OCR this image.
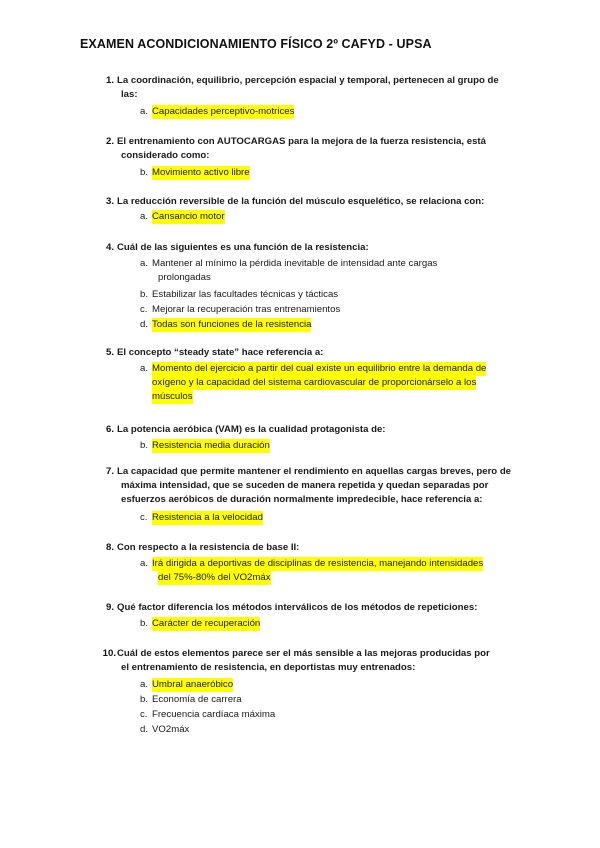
EXAMEN ACONDICIONAMIENTO FÍSICO 2º CAFYD - UPSA
1. La coordinación, equilibrio, percepción espacial y temporal, pertenecen al grupo de
las:
a. Capacidades perceptivo-motrices
2. El entrenamiento con AUTOCARGAS para la mejora de la fuerza resistencia, está
considerado como:
b. Movimiento activo libre
3. La reducción reversible de la función del músculo esquelético, se relaciona con:
a. Cansancio motor
4. Cuál de las siguientes es una función de la resistencia:
a. Mantener al mínimo la pérdida inevitable de intensidad ante cargas
prolongadas
b. Estabilizar las facultades técnicas y tácticas
c. Mejorar la recuperación tras entrenamientos
d. Todas son funciones de la resistencia
5. El concepto “steady state” hace referencia a:
a. Momento del ejercicio a partir del cual existe un equilibrio entre la demanda de
oxígeno y la capacidad del sistema cardiovascular de proporcionárselo a los
músculos
6. La potencia aeróbica (VAM) es la cualidad protagonista de:
b. Resistencia media duración
7. La capacidad que permite mantener el rendimiento en aquellas cargas breves, pero de
máxima intensidad, que se suceden de manera repetida y quedan separadas por
esfuerzos aeróbicos de duración normalmente impredecible, hace referencia a:
c. Resistencia a la velocidad
8. Con respecto a la resistencia de base II:
a. Irá dirigida a deportivas de disciplinas de resistencia, manejando intensidades
del 75%-80% del VO2máx
9. Qué factor diferencia los métodos interválicos de los métodos de repeticiones:
b. Carácter de recuperación
10. Cuál de estos elementos parece ser el más sensible a las mejoras producidas por
el entrenamiento de resistencia, en deportistas muy entrenados:
a. Umbral anaeróbico
b. Economía de carrera
c. Frecuencia cardíaca máxima
d. VO2máx
